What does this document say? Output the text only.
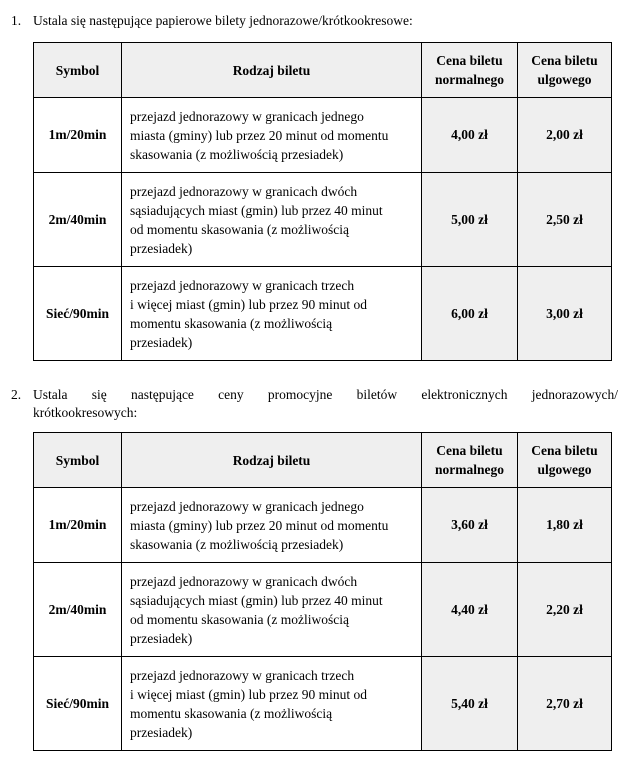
1. Ustala się następujące papierowe bilety jednorazowe/krótkookresowe:
Symbol	Rodzaj biletu	Cena biletu normalnego	Cena biletu ulgowego
1m/20min	przejazd jednorazowy w granicach jednego
miasta (gminy) lub przez 20 minut od momentu
skasowania (z możliwością przesiadek)	4,00 zł	2,00 zł
2m/40min	przejazd jednorazowy w granicach dwóch
sąsiadujących miast (gmin) lub przez 40 minut
od momentu skasowania (z możliwością
przesiadek)	5,00 zł	2,50 zł
Sieć/90min	przejazd jednorazowy w granicach trzech
i więcej miast (gmin) lub przez 90 minut od
momentu skasowania (z możliwością
przesiadek)	6,00 zł	3,00 zł
2. Ustala się następujące ceny promocyjne biletów elektronicznych jednorazowych/
krótkookresowych:
Symbol	Rodzaj biletu	Cena biletu normalnego	Cena biletu ulgowego
1m/20min	przejazd jednorazowy w granicach jednego
miasta (gminy) lub przez 20 minut od momentu
skasowania (z możliwością przesiadek)	3,60 zł	1,80 zł
2m/40min	przejazd jednorazowy w granicach dwóch
sąsiadujących miast (gmin) lub przez 40 minut
od momentu skasowania (z możliwością
przesiadek)	4,40 zł	2,20 zł
Sieć/90min	przejazd jednorazowy w granicach trzech
i więcej miast (gmin) lub przez 90 minut od
momentu skasowania (z możliwością
przesiadek)	5,40 zł	2,70 zł
